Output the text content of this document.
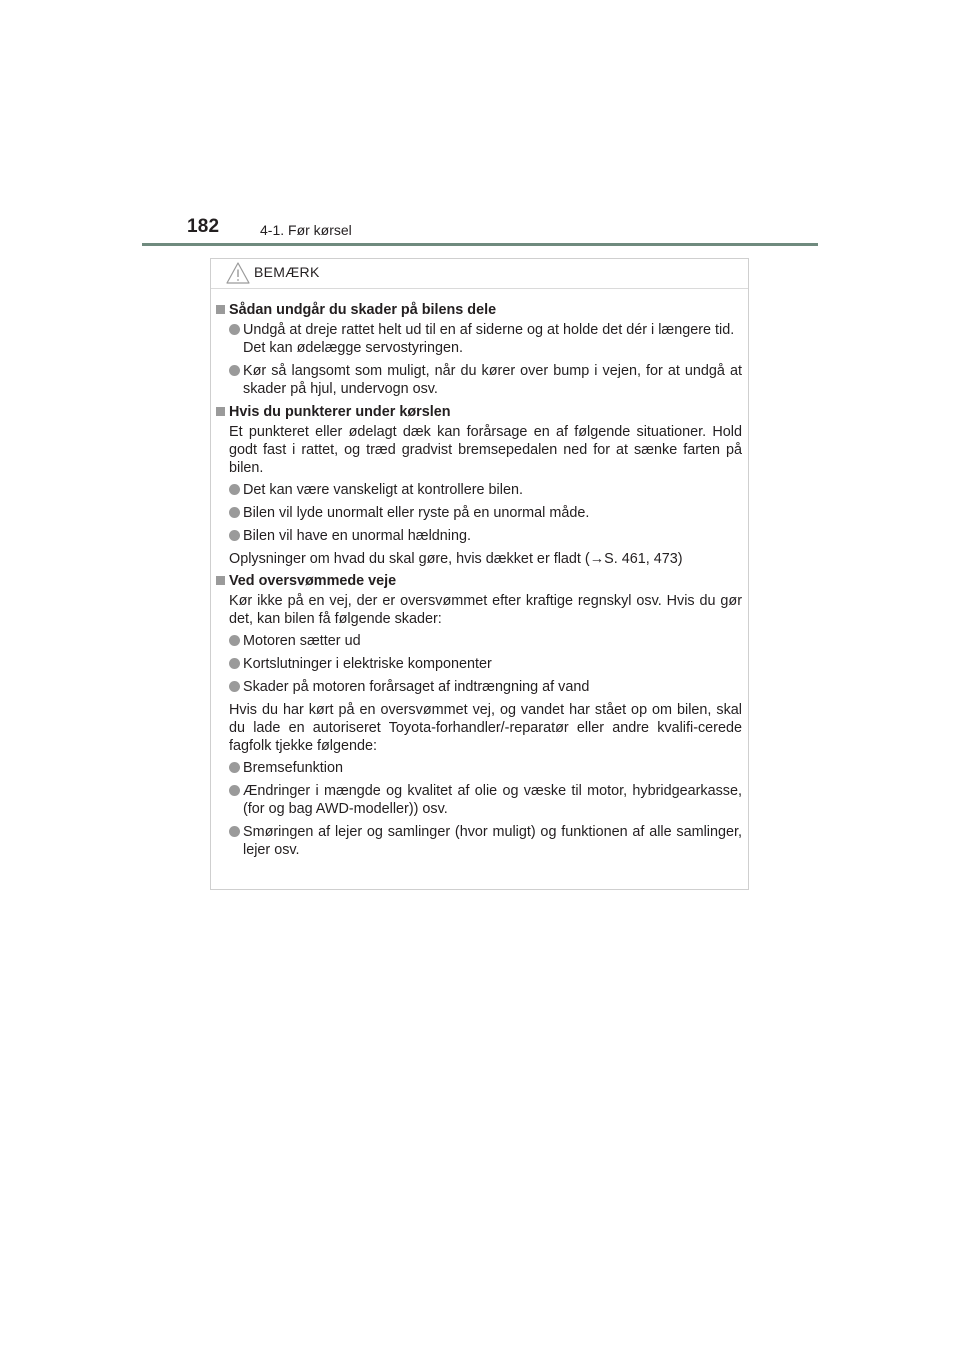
182	4-1. Før kørsel
BEMÆRK
Sådan undgår du skader på bilens dele
Undgå at dreje rattet helt ud til en af siderne og at holde det dér i længere tid.
Det kan ødelægge servostyringen.
Kør så langsomt som muligt, når du kører over bump i vejen, for at undgå at skader på hjul, undervogn osv.
Hvis du punkterer under kørslen
Et punkteret eller ødelagt dæk kan forårsage en af følgende situationer. Hold godt fast i rattet, og træd gradvist bremsepedalen ned for at sænke farten på bilen.
Det kan være vanskeligt at kontrollere bilen.
Bilen vil lyde unormalt eller ryste på en unormal måde.
Bilen vil have en unormal hældning.
Oplysninger om hvad du skal gøre, hvis dækket er fladt (→S. 461, 473)
Ved oversvømmede veje
Kør ikke på en vej, der er oversvømmet efter kraftige regnskyl osv. Hvis du gør det, kan bilen få følgende skader:
Motoren sætter ud
Kortslutninger i elektriske komponenter
Skader på motoren forårsaget af indtrængning af vand
Hvis du har kørt på en oversvømmet vej, og vandet har stået op om bilen, skal du lade en autoriseret Toyota-forhandler/-reparatør eller andre kvalifi-cerede fagfolk tjekke følgende:
Bremsefunktion
Ændringer i mængde og kvalitet af olie og væske til motor, hybridgearkasse, (for og bag AWD-modeller)) osv.
Smøringen af lejer og samlinger (hvor muligt) og funktionen af alle samlinger, lejer osv.
